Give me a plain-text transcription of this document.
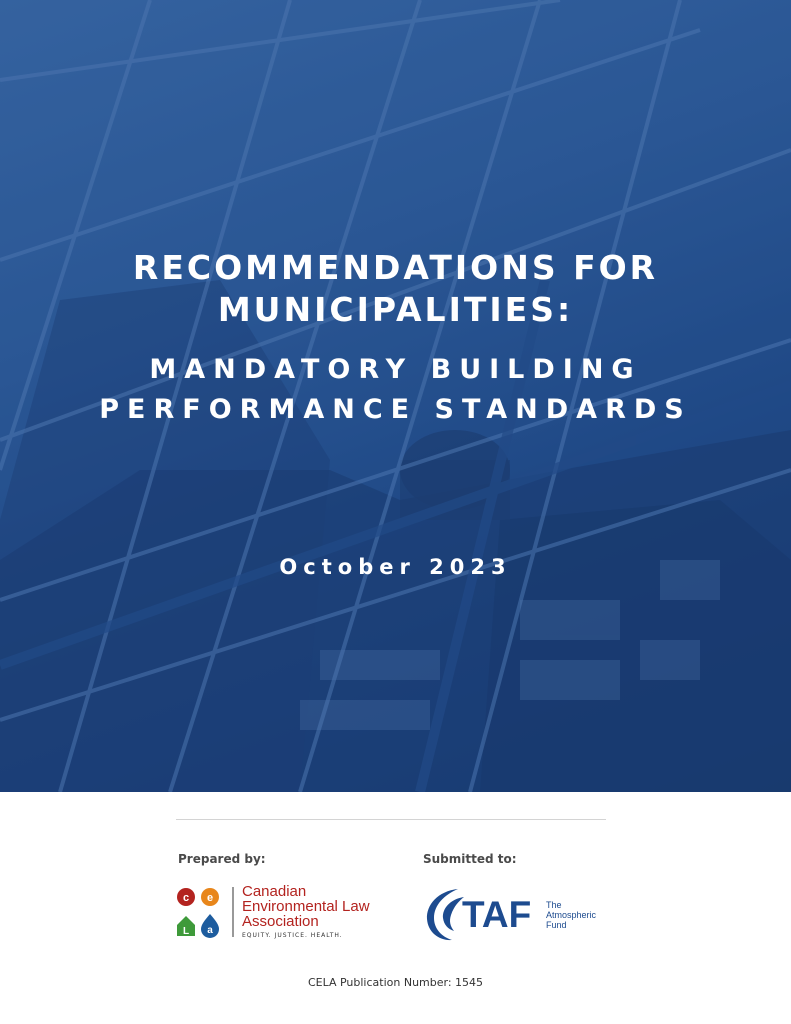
RECOMMENDATIONS FOR
MUNICIPALITIES:
MANDATORY BUILDING
PERFORMANCE STANDARDS
October 2023
Prepared by:	Submitted to:
c e
L a
Canadian
Environmental Law
Association
EQUITY. JUSTICE. HEALTH.
TAF The
Atmospheric
Fund
CELA Publication Number: 1545
